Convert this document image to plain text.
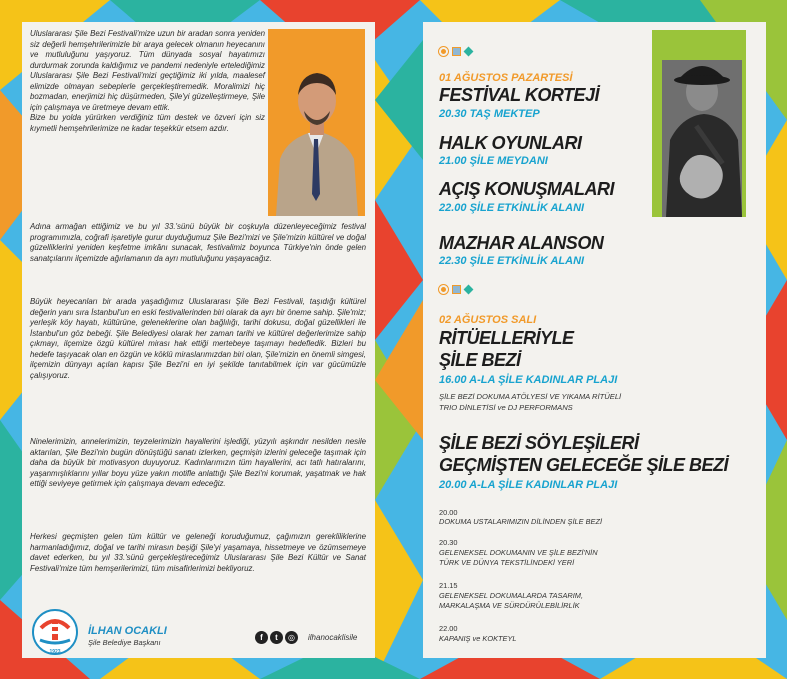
Uluslararası Şile Bezi Festivali'mize uzun bir aradan sonra yeniden siz değerli hemşehrilerimizle bir araya gelecek olmanın heyecanını ve mutluluğunu yaşıyoruz. Tüm dünyada sosyal hayatımızı durdurmak zorunda kaldığımız ve pandemi nedeniyle ertelediğimiz Uluslararası Şile Bezi Festivali'mizi geçtiğimiz iki yılda, maalesef elimizde olmayan sebeplerle gerçekleştiremedik. Moralimizi hiç bozmadan, enerjimizi hiç düşürmeden, Şile'yi güzelleştirmeye, Şile için çalışmaya ve üretmeye devam ettik.

Bize bu yolda yürürken verdiğiniz tüm destek ve özveri için siz kıymetli hemşehrilerimize ne kadar teşekkür etsem azdır.

Adına armağan ettiğimiz ve bu yıl 33.'sünü büyük bir coşkuyla düzenleyeceğimiz festival programımızla, coğrafi işaretiyle gurur duyduğumuz Şile Bezi'mizi ve Şile'mizin kültürel ve doğal güzelliklerini yeniden keşfetme imkânı sunacak, festivalimiz boyunca Türkiye'nin önde gelen sanatçılarını ilçemizde ağırlamanın da ayrı mutluluğunu yaşayacağız.
Büyük heyecanları bir arada yaşadığımız Uluslararası Şile Bezi Festivali, taşıdığı kültürel değerin yanı sıra İstanbul'un en eski festivallerinden biri olarak da ayrı bir öneme sahip. Şile'miz; yerleşik köy hayatı, kültürüne, geleneklerine olan bağlılığı, tarihi dokusu, doğal güzellikleri ile İstanbul'un göz bebeği. Şile Belediyesi olarak her zaman tarihi ve kültürel değerlerimize sahip çıkmayı, ilçemize özgü kültürel mirası hak ettiği mertebeye taşımayı hedefledik. Bizleri bu hedefe taşıyacak olan en özgün ve köklü miraslarımızdan biri olan, Şile'mizin en önemli simgesi, ilçemizin dünyayı açılan kapısı Şile Bezi'ni en iyi şekilde tanıtabilmek için var gücümüzle çalışıyoruz.
Ninelerimizin, annelerimizin, teyzelerimizin hayallerini işlediği, yüzyılı aşkındır nesilden nesile aktarılan, Şile Bezi'nin bugün dönüştüğü sanatı izlerken, geçmişin izlerini geleceğe taşımak için daha da büyük bir motivasyon duyuyoruz. Kadınlarımızın tüm hayallerini, acı tatlı hatıralarını, yaşanmışlıklarını yıllar boyu yüze yakın motifle anlattığı Şile Bezi'ni korumak, yaşatmak ve hak ettiği seviyeye getirmek için çalışmaya devam edeceğiz.
Herkesi geçmişten gelen tüm kültür ve geleneği koruduğumuz, çağımızın gerekliliklerine harmanladığımız, doğal ve tarihi mirasın beşiği Şile'yi yaşamaya, hissetmeye ve özümsemeye davet ederken, bu yıl 33.'sünü gerçekleştireceğimiz Uluslararası Şile Bezi Kültür ve Sanat Festivali'mize tüm hemşerilerimizi, tüm misafirlerimizi bekliyoruz.
1923
İLHAN OCAKLI
Şile Belediye Başkanı
f	t	◎	ilhanocaklisile
01 AĞUSTOS PAZARTESİ
FESTİVAL KORTEJİ
20.30 TAŞ MEKTEP
HALK OYUNLARI
21.00 ŞİLE MEYDANI
AÇIŞ KONUŞMALARI
22.00 ŞİLE ETKİNLİK ALANI
MAZHAR ALANSON
22.30 ŞİLE ETKİNLİK ALANI
02 AĞUSTOS SALI
RİTÜELLERİYLE
ŞİLE BEZİ
16.00 A-LA ŞİLE KADINLAR PLAJI
ŞİLE BEZİ DOKUMA ATÖLYESİ VE YIKAMA RİTÜELİ
TRIO DİNLETİSİ ve DJ PERFORMANS
ŞİLE BEZİ SÖYLEŞİLERİ
GEÇMİŞTEN GELECEĞE ŞİLE BEZİ
20.00 A-LA ŞİLE KADINLAR PLAJI
20.00
DOKUMA USTALARIMIZIN DİLİNDEN ŞİLE BEZİ
20.30
GELENEKSEL DOKUMANIN VE ŞİLE BEZİ'NİN
TÜRK VE DÜNYA TEKSTİLİNDEKİ YERİ
21.15
GELENEKSEL DOKUMALARDA TASARIM,
MARKALAŞMA VE SÜRDÜRÜLEBİLİRLİK
22.00
KAPANIŞ ve KOKTEYL
